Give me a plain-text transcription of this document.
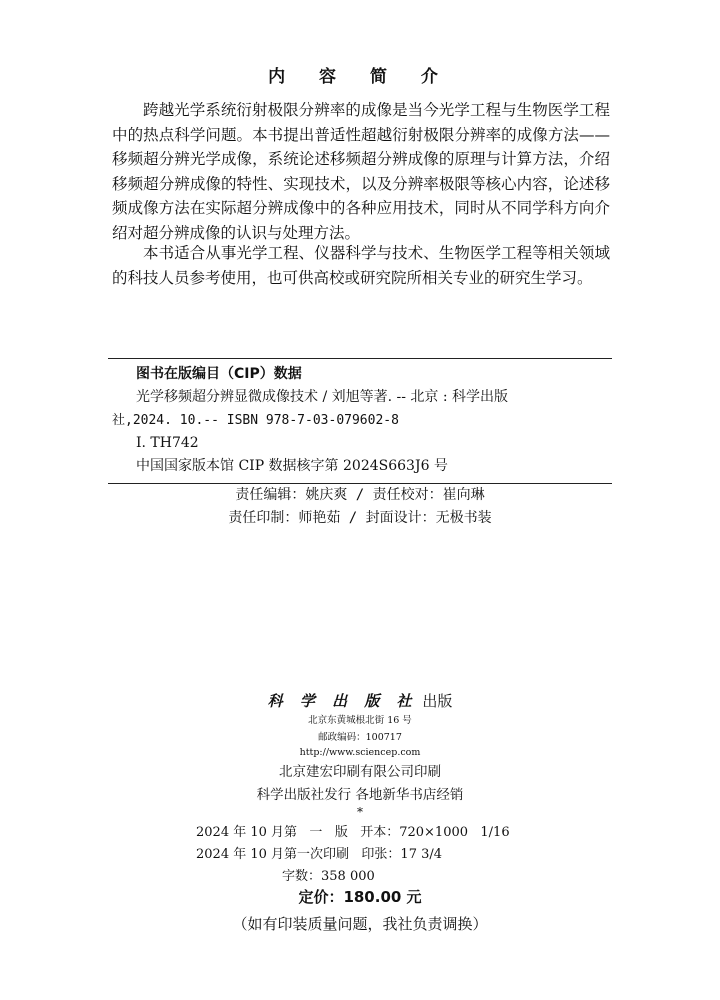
内 容 简 介

跨越光学系统衍射极限分辨率的成像是当今光学工程与生物医学工程中的热点科学问题。本书提出普适性超越衍射极限分辨率的成像方法——移频超分辨光学成像，系统论述移频超分辨成像的原理与计算方法，介绍移频超分辨成像的特性、实现技术，以及分辨率极限等核心内容，论述移频成像方法在实际超分辨成像中的各种应用技术，同时从不同学科方向介绍对超分辨成像的认识与处理方法。

本书适合从事光学工程、仪器科学与技术、生物医学工程等相关领域的科技人员参考使用，也可供高校或研究院所相关专业的研究生学习。

图书在版编目（CIP）数据
光学移频超分辨显微成像技术 / 刘旭等著. -- 北京 : 科学出版
社,2024. 10.-- ISBN 978-7-03-079602-8
Ⅰ. TH742
中国国家版本馆 CIP 数据核字第 2024S663J6 号
责任编辑：姚庆爽 / 责任校对：崔向琳
责任印制：师艳茹 / 封面设计：无极书装
科 学 出 版 社 出版
北京东黄城根北街 16 号
邮政编码：100717
http://www.sciencep.com
北京建宏印刷有限公司印刷
科学出版社发行 各地新华书店经销
*
2024 年 10 月第   一   版   开本：720×1000   1/16
2024 年 10 月第一次印刷   印张：17 3/4
字数：358 000
定价：180.00 元
（如有印装质量问题，我社负责调换）
